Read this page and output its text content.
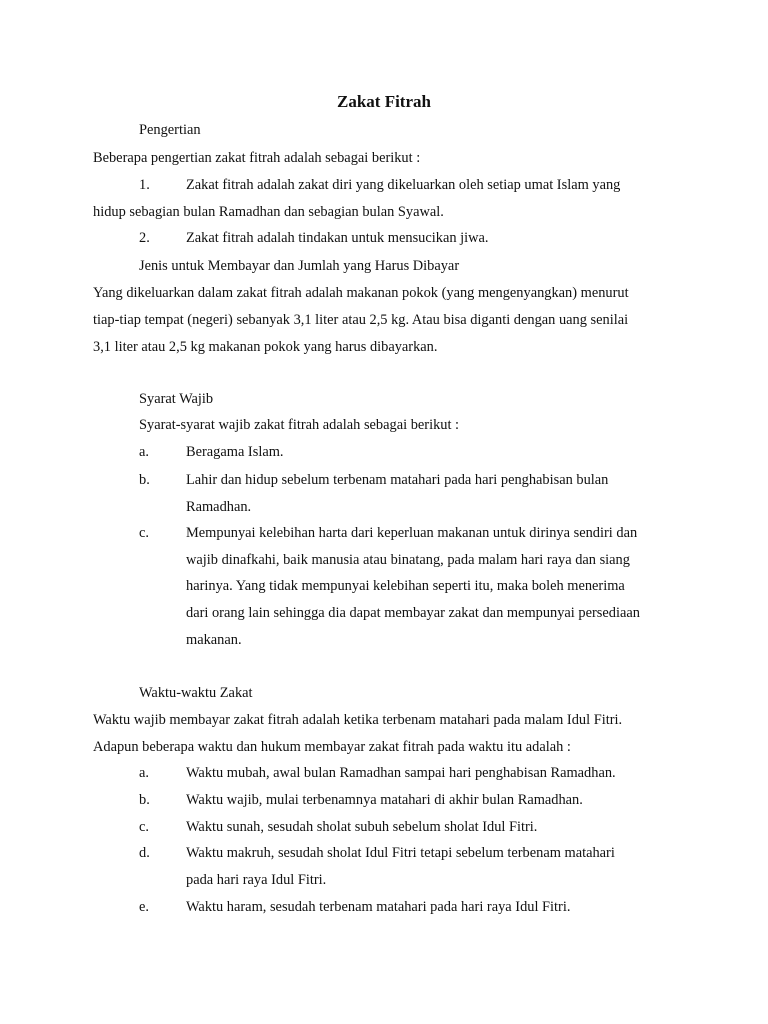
Zakat Fitrah
Pengertian
Beberapa pengertian zakat fitrah adalah sebagai berikut :
1.	Zakat fitrah adalah zakat diri yang dikeluarkan oleh setiap umat Islam yang
hidup sebagian bulan Ramadhan dan sebagian bulan Syawal.
2.	Zakat fitrah adalah tindakan untuk mensucikan jiwa.
Jenis untuk Membayar dan Jumlah yang Harus Dibayar
Yang dikeluarkan dalam zakat fitrah adalah makanan pokok (yang mengenyangkan) menurut
tiap-tiap tempat (negeri) sebanyak 3,1 liter atau 2,5 kg. Atau bisa diganti dengan uang senilai
3,1 liter atau 2,5 kg makanan pokok yang harus dibayarkan.
Syarat Wajib
Syarat-syarat wajib zakat fitrah adalah sebagai berikut :
a.	Beragama Islam.
b.	Lahir dan hidup sebelum terbenam matahari pada hari penghabisan bulan
Ramadhan.
c.	Mempunyai kelebihan harta dari keperluan makanan untuk dirinya sendiri dan
wajib dinafkahi, baik manusia atau binatang, pada malam hari raya dan siang
harinya. Yang tidak mempunyai kelebihan seperti itu, maka boleh menerima
dari orang lain sehingga dia dapat membayar zakat dan mempunyai persediaan
makanan.
Waktu-waktu Zakat
Waktu wajib membayar zakat fitrah adalah ketika terbenam matahari pada malam Idul Fitri.
Adapun beberapa waktu dan hukum membayar zakat fitrah pada waktu itu adalah :
a.	Waktu mubah, awal bulan Ramadhan sampai hari penghabisan Ramadhan.
b.	Waktu wajib, mulai terbenamnya matahari di akhir bulan Ramadhan.
c.	Waktu sunah, sesudah sholat subuh sebelum sholat Idul Fitri.
d.	Waktu makruh, sesudah sholat Idul Fitri tetapi sebelum terbenam matahari
pada hari raya Idul Fitri.
e.	Waktu haram, sesudah terbenam matahari pada hari raya Idul Fitri.
